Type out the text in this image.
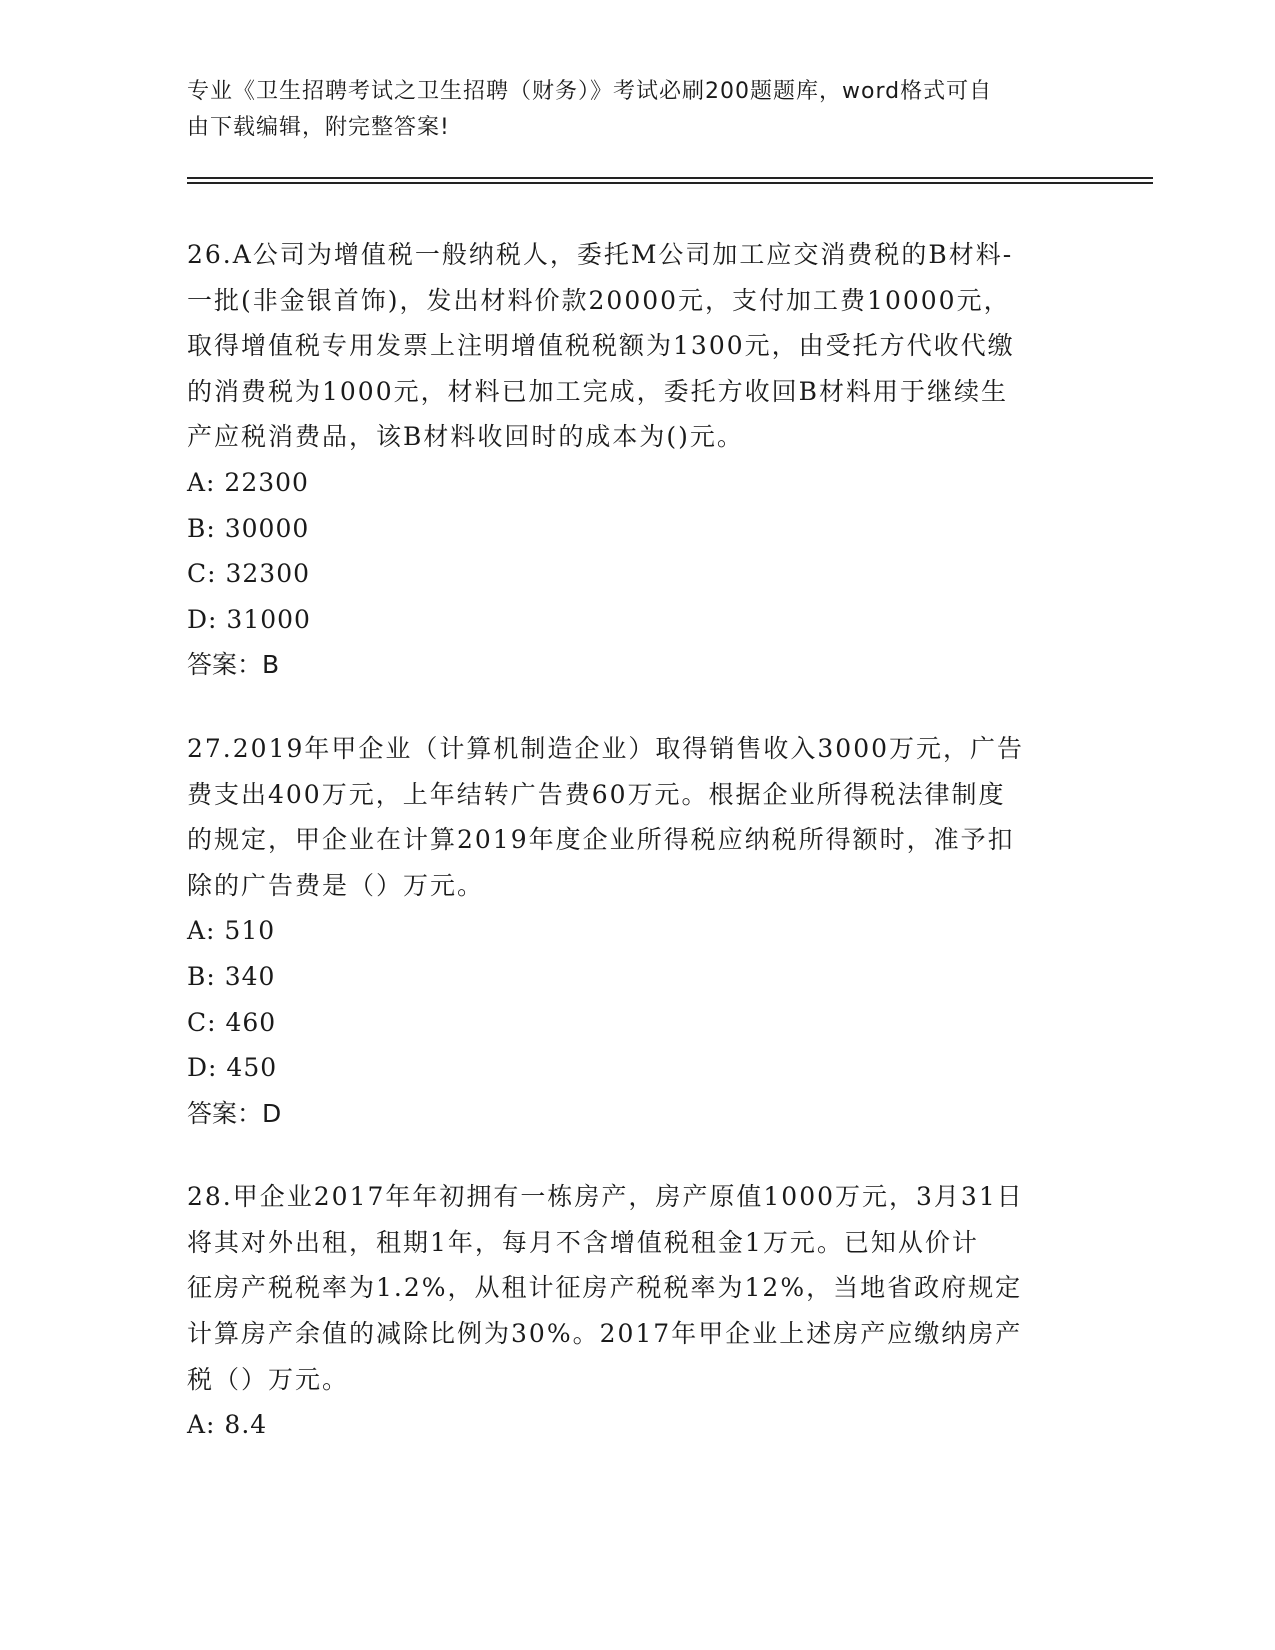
专业《卫生招聘考试之卫生招聘（财务）》考试必刷200题题库，word格式可自
由下载编辑，附完整答案!

26.A公司为增值税一般纳税人，委托M公司加工应交消费税的B材料-

一批(非金银首饰)，发出材料价款20000元，支付加工费10000元，

取得增值税专用发票上注明增值税税额为1300元，由受托方代收代缴

的消费税为1000元，材料已加工完成，委托方收回B材料用于继续生

产应税消费品，该B材料收回时的成本为()元。

A: 22300

B: 30000

C: 32300

D: 31000

答案：B

27.2019年甲企业（计算机制造企业）取得销售收入3000万元，广告

费支出400万元，上年结转广告费60万元。根据企业所得税法律制度

的规定，甲企业在计算2019年度企业所得税应纳税所得额时，准予扣

除的广告费是（）万元。

A: 510

B: 340

C: 460

D: 450

答案：D

28.甲企业2017年年初拥有一栋房产，房产原值1000万元，3月31日

将其对外出租，租期1年，每月不含增值税租金1万元。已知从价计

征房产税税率为1.2%，从租计征房产税税率为12%，当地省政府规定

计算房产余值的减除比例为30%。2017年甲企业上述房产应缴纳房产

税（）万元。

A: 8.4
